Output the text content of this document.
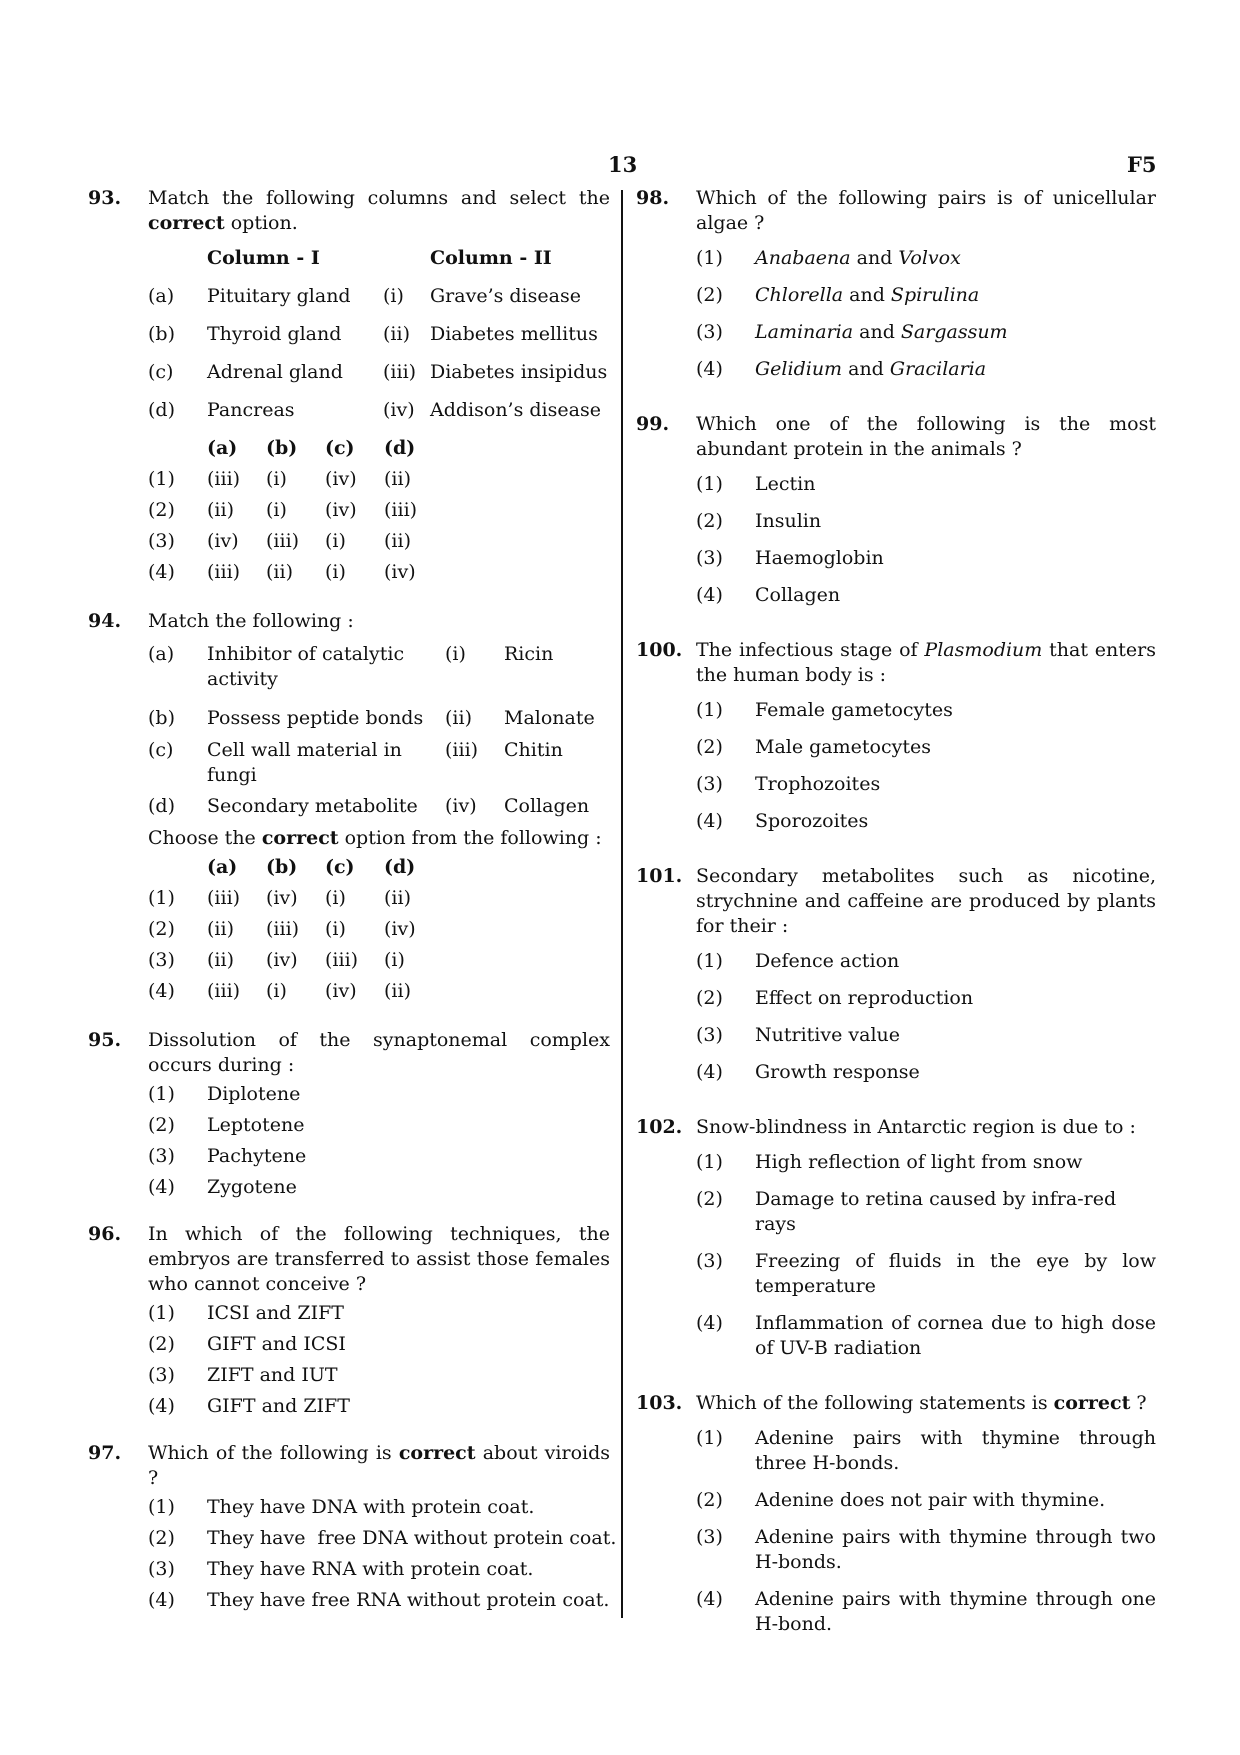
13	F5
93. Match the following columns and select the correct option.
	Column - I		Column - II
(a)	Pituitary gland	(i)	Grave’s disease
(b)	Thyroid gland	(ii)	Diabetes mellitus
(c)	Adrenal gland	(iii)	Diabetes insipidus
(d)	Pancreas	(iv)	Addison’s disease
	(a)	(b)	(c)	(d)
(1)	(iii)	(i)	(iv)	(ii)
(2)	(ii)	(i)	(iv)	(iii)
(3)	(iv)	(iii)	(i)	(ii)
(4)	(iii)	(ii)	(i)	(iv)
94. Match the following :
(a)	Inhibitor of catalytic activity	(i)	Ricin
(b)	Possess peptide bonds	(ii)	Malonate
(c)	Cell wall material in fungi	(iii)	Chitin
(d)	Secondary metabolite	(iv)	Collagen
Choose the correct option from the following :
	(a)	(b)	(c)	(d)
(1)	(iii)	(iv)	(i)	(ii)
(2)	(ii)	(iii)	(i)	(iv)
(3)	(ii)	(iv)	(iii)	(i)
(4)	(iii)	(i)	(iv)	(ii)
95. Dissolution of the synaptonemal complex occurs during :
(1) Diplotene
(2) Leptotene
(3) Pachytene
(4) Zygotene
96. In which of the following techniques, the embryos are transferred to assist those females who cannot conceive ?
(1) ICSI and ZIFT
(2) GIFT and ICSI
(3) ZIFT and IUT
(4) GIFT and ZIFT
97. Which of the following is correct about viroids ?
(1) They have DNA with protein coat.
(2) They have  free DNA without protein coat.
(3) They have RNA with protein coat.
(4) They have free RNA without protein coat.
98. Which of the following pairs is of unicellular algae ?
(1) Anabaena and Volvox
(2) Chlorella and Spirulina
(3) Laminaria and Sargassum
(4) Gelidium and Gracilaria
99. Which one of the following is the most abundant protein in the animals ?
(1) Lectin
(2) Insulin
(3) Haemoglobin
(4) Collagen
100. The infectious stage of Plasmodium that enters the human body is :
(1) Female gametocytes
(2) Male gametocytes
(3) Trophozoites
(4) Sporozoites
101. Secondary metabolites such as nicotine, strychnine and caffeine are produced by plants for their :
(1) Defence action
(2) Effect on reproduction
(3) Nutritive value
(4) Growth response
102. Snow-blindness in Antarctic region is due to :
(1) High reflection of light from snow
(2) Damage to retina caused by infra-red rays
(3) Freezing of fluids in the eye by low temperature
(4) Inflammation of cornea due to high dose of UV-B radiation
103. Which of the following statements is correct ?
(1) Adenine pairs with thymine through three H-bonds.
(2) Adenine does not pair with thymine.
(3) Adenine pairs with thymine through two H-bonds.
(4) Adenine pairs with thymine through one H-bond.
